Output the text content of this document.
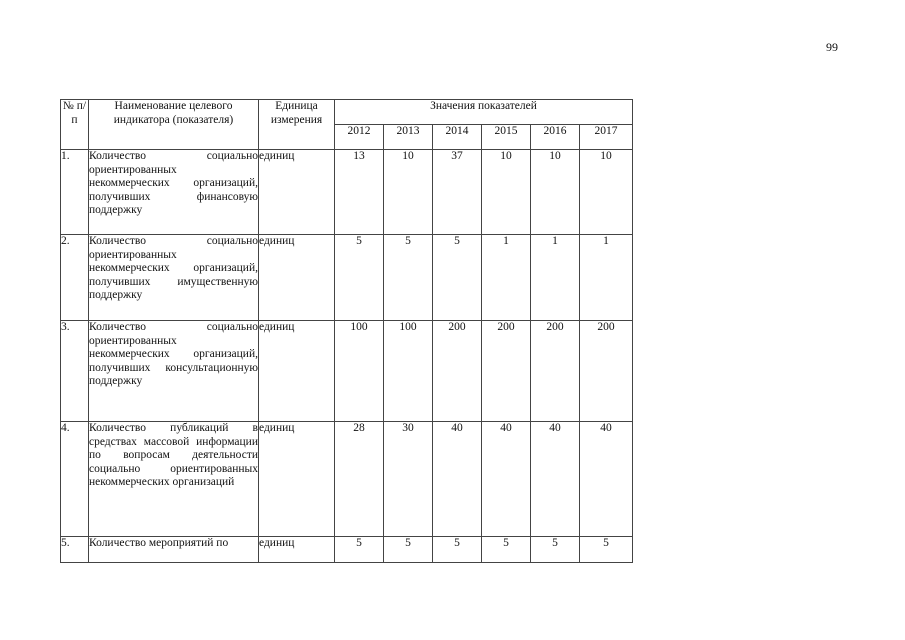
99
№ п/п	Наименование целевого индикатора (показателя)	Единица измерения	Значения показателей					
			2012	2013	2014	2015	2016	2017
1.	Количество социально ориентированных некоммерческих организаций, получивших финансовую поддержку	единиц	13	10	37	10	10	10
2.	Количество социально ориентированных некоммерческих организаций, получивших имущественную поддержку	единиц	5	5	5	1	1	1
3.	Количество социально ориентированных некоммерческих организаций, получивших консультационную поддержку	единиц	100	100	200	200	200	200
4.	Количество публикаций в средствах массовой информации по вопросам деятельности социально ориентированных некоммерческих организаций	единиц	28	30	40	40	40	40
5.	Количество мероприятий по	единиц	5	5	5	5	5	5
